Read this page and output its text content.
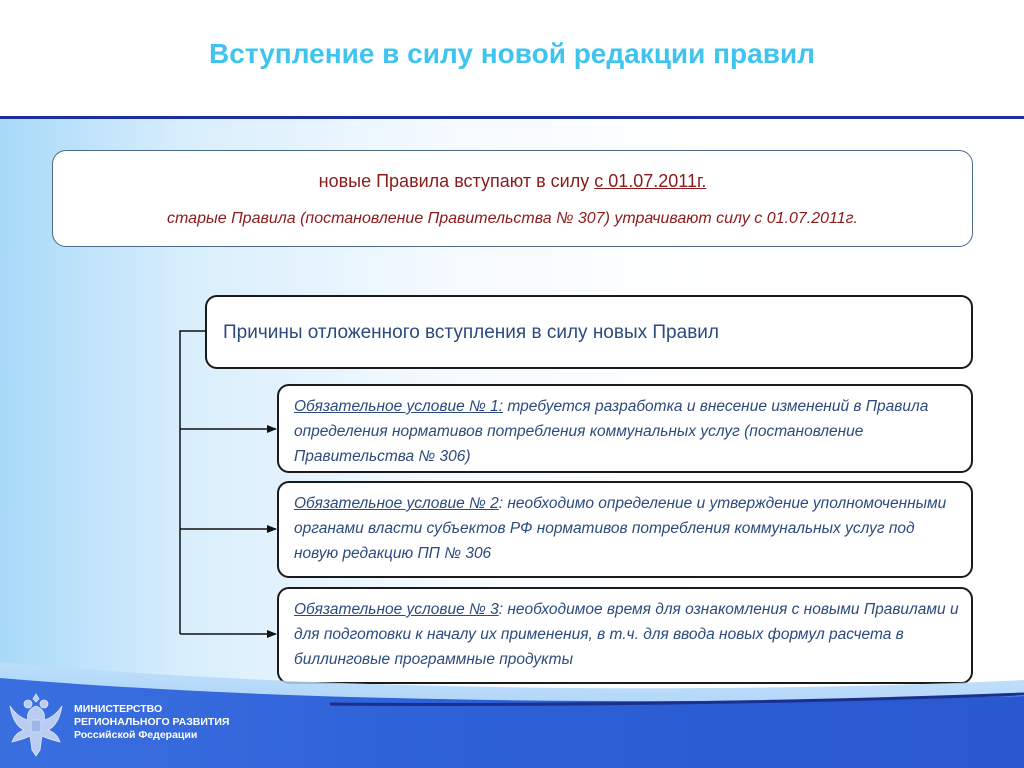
Вступление в силу новой редакции правил
новые Правила вступают в силу с 01.07.2011г.
старые Правила (постановление Правительства № 307) утрачивают силу с 01.07.2011г.
Причины отложенного вступления в силу новых Правил
Обязательное условие № 1: требуется разработка и внесение изменений в Правила определения нормативов потребления коммунальных услуг (постановление Правительства № 306)
Обязательное условие № 2: необходимо определение и утверждение уполномоченными органами власти субъектов РФ нормативов потребления коммунальных услуг под новую редакцию ПП № 306
Обязательное условие № 3: необходимое время для ознакомления с новыми Правилами и для подготовки к началу их применения, в т.ч. для ввода новых формул расчета в биллинговые программные продукты
МИНИСТЕРСТВО
РЕГИОНАЛЬНОГО РАЗВИТИЯ
Российской Федерации
